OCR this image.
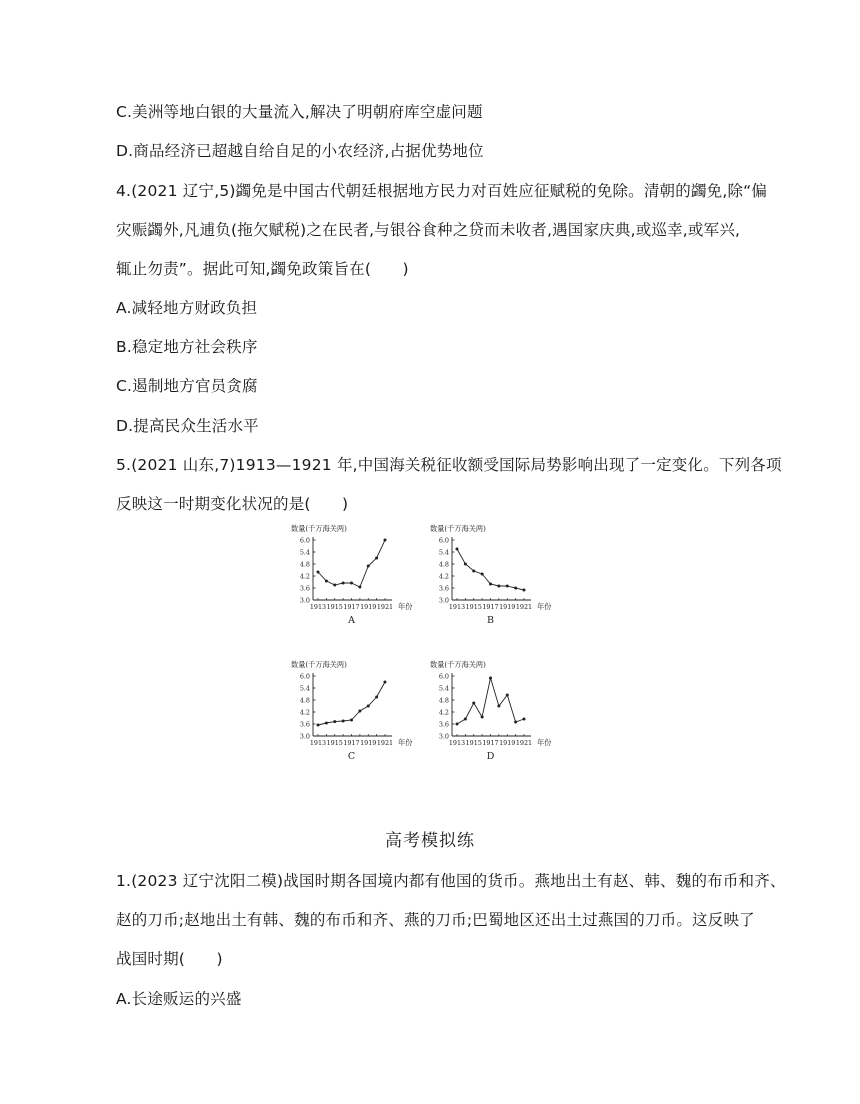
C.美洲等地白银的大量流入,解决了明朝府库空虚问题
D.商品经济已超越自给自足的小农经济,占据优势地位
4.(2021 辽宁,5)蠲免是中国古代朝廷根据地方民力对百姓应征赋税的免除。清朝的蠲免,除“偏
灾赈蠲外,凡逋负(拖欠赋税)之在民者,与银谷食种之贷而未收者,遇国家庆典,或巡幸,或军兴,
辄止勿责”。据此可知,蠲免政策旨在(　　)
A.减轻地方财政负担
B.稳定地方社会秩序
C.遏制地方官员贪腐
D.提高民众生活水平
5.(2021 山东,7)1913—1921 年,中国海关税征收额受国际局势影响出现了一定变化。下列各项
反映这一时期变化状况的是(　　)
3.0
3.6
4.2
4.8
5.4
6.0
1913 1915 1917 1919 1921
数量(千万海关两)
年份
A
3.0
3.6
4.2
4.8
5.4
6.0
1913 1915 1917 1919 1921
数量(千万海关两)
年份
B
3.0
3.6
4.2
4.8
5.4
6.0
1913 1915 1917 1919 1921
数量(千万海关两)
年份
C
3.0
3.6
4.2
4.8
5.4
6.0
1913 1915 1917 1919 1921
数量(千万海关两)
年份
D
高考模拟练
1.(2023 辽宁沈阳二模)战国时期各国境内都有他国的货币。燕地出土有赵、韩、魏的布币和齐、
赵的刀币;赵地出土有韩、魏的布币和齐、燕的刀币;巴蜀地区还出土过燕国的刀币。这反映了
战国时期(　　)
A.长途贩运的兴盛
